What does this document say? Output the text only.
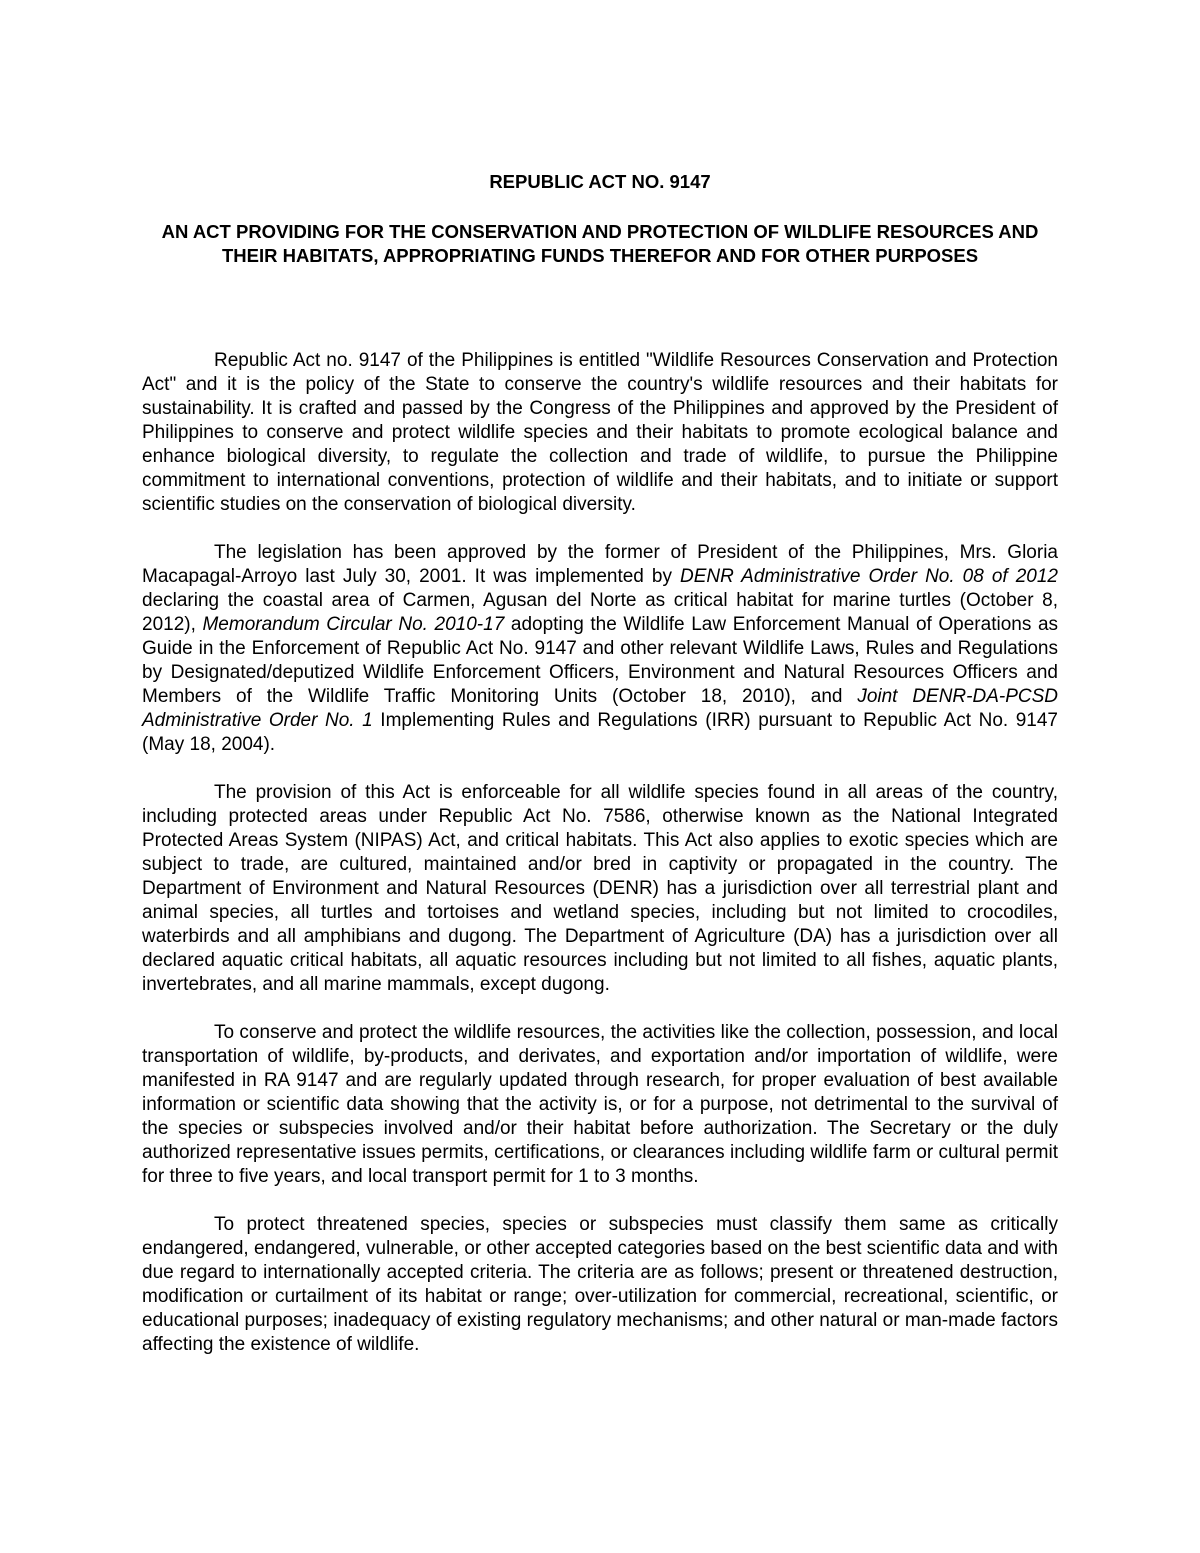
REPUBLIC ACT NO. 9147

AN ACT PROVIDING FOR THE CONSERVATION AND PROTECTION OF WILDLIFE RESOURCES AND THEIR HABITATS, APPROPRIATING FUNDS THEREFOR AND FOR OTHER PURPOSES

Republic Act no. 9147 of the Philippines is entitled "Wildlife Resources Conservation and Protection Act" and it is the policy of the State to conserve the country's wildlife resources and their habitats for sustainability. It is crafted and passed by the Congress of the Philippines and approved by the President of Philippines to conserve and protect wildlife species and their habitats to promote ecological balance and enhance biological diversity, to regulate the collection and trade of wildlife, to pursue the Philippine commitment to international conventions, protection of wildlife and their habitats, and to initiate or support scientific studies on the conservation of biological diversity.

The legislation has been approved by the former of President of the Philippines, Mrs. Gloria Macapagal-Arroyo last July 30, 2001. It was implemented by DENR Administrative Order No. 08 of 2012 declaring the coastal area of Carmen, Agusan del Norte as critical habitat for marine turtles (October 8, 2012), Memorandum Circular No. 2010-17 adopting the Wildlife Law Enforcement Manual of Operations as Guide in the Enforcement of Republic Act No. 9147 and other relevant Wildlife Laws, Rules and Regulations by Designated/deputized Wildlife Enforcement Officers, Environment and Natural Resources Officers and Members of the Wildlife Traffic Monitoring Units (October 18, 2010), and Joint DENR-DA-PCSD Administrative Order No. 1 Implementing Rules and Regulations (IRR) pursuant to Republic Act No. 9147 (May 18, 2004).

The provision of this Act is enforceable for all wildlife species found in all areas of the country, including protected areas under Republic Act No. 7586, otherwise known as the National Integrated Protected Areas System (NIPAS) Act, and critical habitats. This Act also applies to exotic species which are subject to trade, are cultured, maintained and/or bred in captivity or propagated in the country. The Department of Environment and Natural Resources (DENR) has a jurisdiction over all terrestrial plant and animal species, all turtles and tortoises and wetland species, including but not limited to crocodiles, waterbirds and all amphibians and dugong. The Department of Agriculture (DA) has a jurisdiction over all declared aquatic critical habitats, all aquatic resources including but not limited to all fishes, aquatic plants, invertebrates, and all marine mammals, except dugong.

To conserve and protect the wildlife resources, the activities like the collection, possession, and local transportation of wildlife, by-products, and derivates, and exportation and/or importation of wildlife, were manifested in RA 9147 and are regularly updated through research, for proper evaluation of best available information or scientific data showing that the activity is, or for a purpose, not detrimental to the survival of the species or subspecies involved and/or their habitat before authorization. The Secretary or the duly authorized representative issues permits, certifications, or clearances including wildlife farm or cultural permit for three to five years, and local transport permit for 1 to 3 months.

To protect threatened species, species or subspecies must classify them same as critically endangered, endangered, vulnerable, or other accepted categories based on the best scientific data and with due regard to internationally accepted criteria. The criteria are as follows; present or threatened destruction, modification or curtailment of its habitat or range; over-utilization for commercial, recreational, scientific, or educational purposes; inadequacy of existing regulatory mechanisms; and other natural or man-made factors affecting the existence of wildlife.
